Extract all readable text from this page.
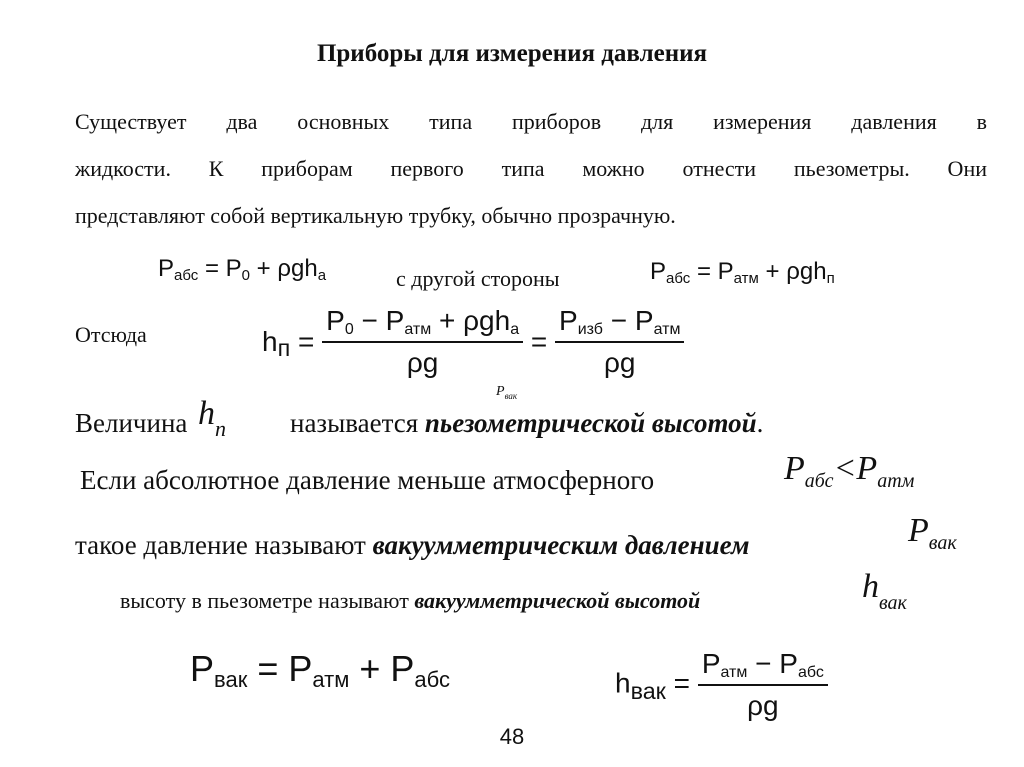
Приборы для измерения давления
Существует два основных типа приборов для измерения давления в
жидкости. К приборам первого типа можно отнести пьезометры. Они
представляют собой вертикальную трубку, обычно прозрачную.
$P_{абс} = P_0 + \rho gh_a$	с другой стороны	$P_{абс} = P_{атм} + \rho gh_п$
Отсюда	$h_п = \frac{P_0 - P_{атм} + \rho gh_a}{\rho g} = \frac{P_{изб} - P_{атм}}{\rho g}$
$P_{вак}$
Величина $h_п$ называется пьезометрической высотой.
Если абсолютное давление меньше атмосферного	$P_{абс}<P_{атм}$
такое давление называют вакуумметрическим давлением	$P_{вак}$
высоту в пьезометре называют вакуумметрической высотой	$h_{вак}$
$P_{вак} = P_{атм} + P_{абс}$	$h_{вак} = \frac{P_{атм} - P_{абс}}{\rho g}$
48
